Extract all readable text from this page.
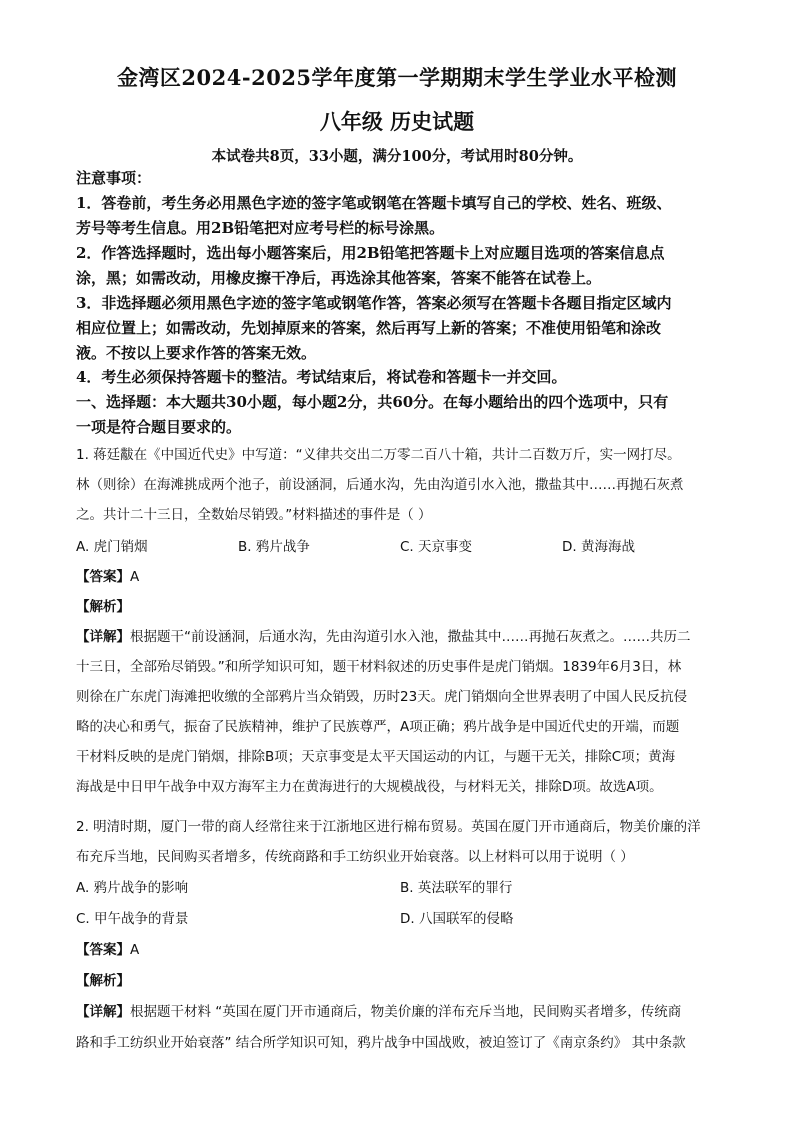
金湾区2024-2025学年度第一学期期末学生学业水平检测
八年级 历史试题
本试卷共8页，33小题，满分100分，考试用时80分钟。
注意事项：
1．答卷前，考生务必用黑色字迹的签字笔或钢笔在答题卡填写自己的学校、姓名、班级、
芳号等考生信息。用2B铅笔把对应考号栏的标号涂黑。
2．作答选择题时，选出每小题答案后，用2B铅笔把答题卡上对应题目选项的答案信息点
涂，黑；如需改动，用橡皮擦干净后，再选涂其他答案，答案不能答在试卷上。
3．非选择题必须用黑色字迹的签字笔或钢笔作答，答案必须写在答题卡各题目指定区域内
相应位置上；如需改动，先划掉原来的答案，然后再写上新的答案；不准使用铅笔和涂改
液。不按以上要求作答的答案无效。
4．考生必须保持答题卡的整洁。考试结束后，将试卷和答题卡一并交回。
一、选择题：本大题共30小题，每小题2分，共60分。在每小题给出的四个选项中，只有
一项是符合题目要求的。
1. 蒋廷黻在《中国近代史》中写道：“义律共交出二万零二百八十箱，共计二百数万斤，实一网打尽。
林（则徐）在海滩挑成两个池子，前设涵洞，后通水沟，先由沟道引水入池，撒盐其中……再抛石灰煮
之。共计二十三日，全数始尽销毁。”材料描述的事件是（ ）
A. 虎门销烟	B. 鸦片战争	C. 天京事变	D. 黄海海战
【答案】A
【解析】
【详解】根据题干“前设涵洞，后通水沟，先由沟道引水入池，撒盐其中……再抛石灰煮之。……共历二
十三日，全部殆尽销毁。”和所学知识可知，题干材料叙述的历史事件是虎门销烟。1839年6月3日，林
则徐在广东虎门海滩把收缴的全部鸦片当众销毁，历时23天。虎门销烟向全世界表明了中国人民反抗侵
略的决心和勇气，振奋了民族精神，维护了民族尊严，A项正确；鸦片战争是中国近代史的开端，而题
干材料反映的是虎门销烟，排除B项；天京事变是太平天国运动的内讧，与题干无关，排除C项；黄海
海战是中日甲午战争中双方海军主力在黄海进行的大规模战役，与材料无关，排除D项。故选A项。
2. 明清时期，厦门一带的商人经常往来于江浙地区进行棉布贸易。英国在厦门开市通商后，物美价廉的洋
布充斥当地，民间购买者增多，传统商路和手工纺织业开始衰落。以上材料可以用于说明（ ）
A. 鸦片战争的影响	B. 英法联军的罪行
C. 甲午战争的背景	D. 八国联军的侵略
【答案】A
【解析】
【详解】根据题干材料 “英国在厦门开市通商后，物美价廉的洋布充斥当地，民间购买者增多，传统商
路和手工纺织业开始衰落” 结合所学知识可知，鸦片战争中国战败，被迫签订了《南京条约》 其中条款
